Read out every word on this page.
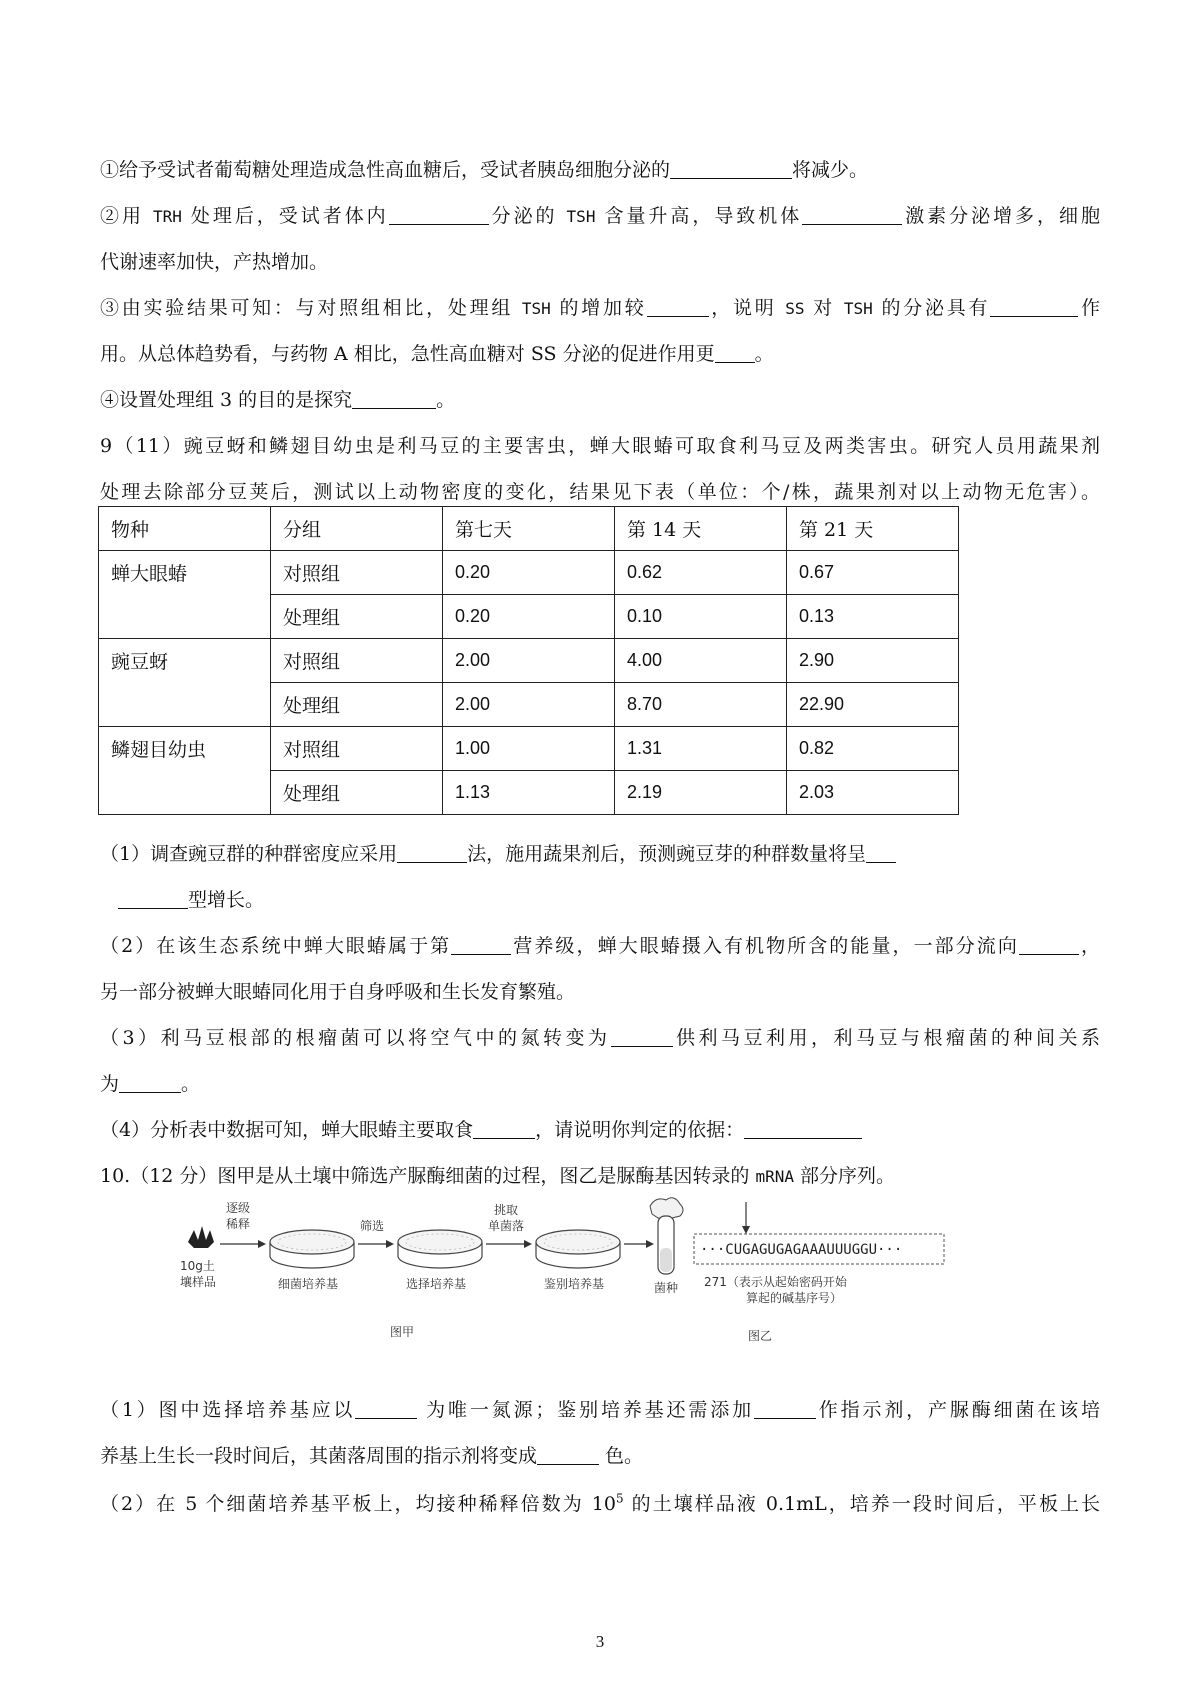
①给予受试者葡萄糖处理造成急性高血糖后，受试者胰岛细胞分泌的	将减少。
②用 TRH 处理后，受试者体内	分泌的 TSH 含量升高，导致机体	激素分泌增多，细胞
代谢速率加快，产热增加。
③由实验结果可知：与对照组相比，处理组 TSH 的增加较	，说明 SS 对 TSH 的分泌具有	作
用。从总体趋势看，与药物 A 相比，急性高血糖对 SS 分泌的促进作用更 。
④设置处理组 3 的目的是探究	。
9（11）豌豆蚜和鳞翅目幼虫是利马豆的主要害虫，蝉大眼蝽可取食利马豆及两类害虫。研究人员用蔬果剂
处理去除部分豆荚后，测试以上动物密度的变化，结果见下表（单位：个/株，蔬果剂对以上动物无危害）。
物种	分组	第七天	第 14 天	第 21 天
蝉大眼蝽	对照组	0.20	0.62	0.67
	处理组	0.20	0.10	0.13
豌豆蚜	对照组	2.00	4.00	2.90
	处理组	2.00	8.70	22.90
鳞翅目幼虫	对照组	1.00	1.31	0.82
	处理组	1.13	2.19	2.03
（1）调查豌豆群的种群密度应采用	法，施用蔬果剂后，预测豌豆芽的种群数量将呈
型增长。
（2）在该生态系统中蝉大眼蝽属于第	营养级，蝉大眼蝽摄入有机物所含的能量，一部分流向	，
另一部分被蝉大眼蝽同化用于自身呼吸和生长发育繁殖。
（3）利马豆根部的根瘤菌可以将空气中的氮转变为	供利马豆利用，利马豆与根瘤菌的种间关系
为	。
（4）分析表中数据可知，蝉大眼蝽主要取食	，请说明你判定的依据：
10.（12 分）图甲是从土壤中筛选产脲酶细菌的过程，图乙是脲酶基因转录的 mRNA 部分序列。
10g土
壤样品
逐级
稀释
细菌培养基
筛选
选择培养基
挑取
单菌落
鉴别培养基	菌种
图甲
···CUGAGUGAGAAAUUUGGU···
271（表示从起始密码开始
算起的碱基序号）
图乙
（1）图中选择培养基应以	为唯一氮源；鉴别培养基还需添加	作指示剂，产脲酶细菌在该培
养基上生长一段时间后，其菌落周围的指示剂将变成	色。
（2）在 5 个细菌培养基平板上，均接种稀释倍数为 $10^5$ 的土壤样品液 0.1mL，培养一段时间后，平板上长
3
